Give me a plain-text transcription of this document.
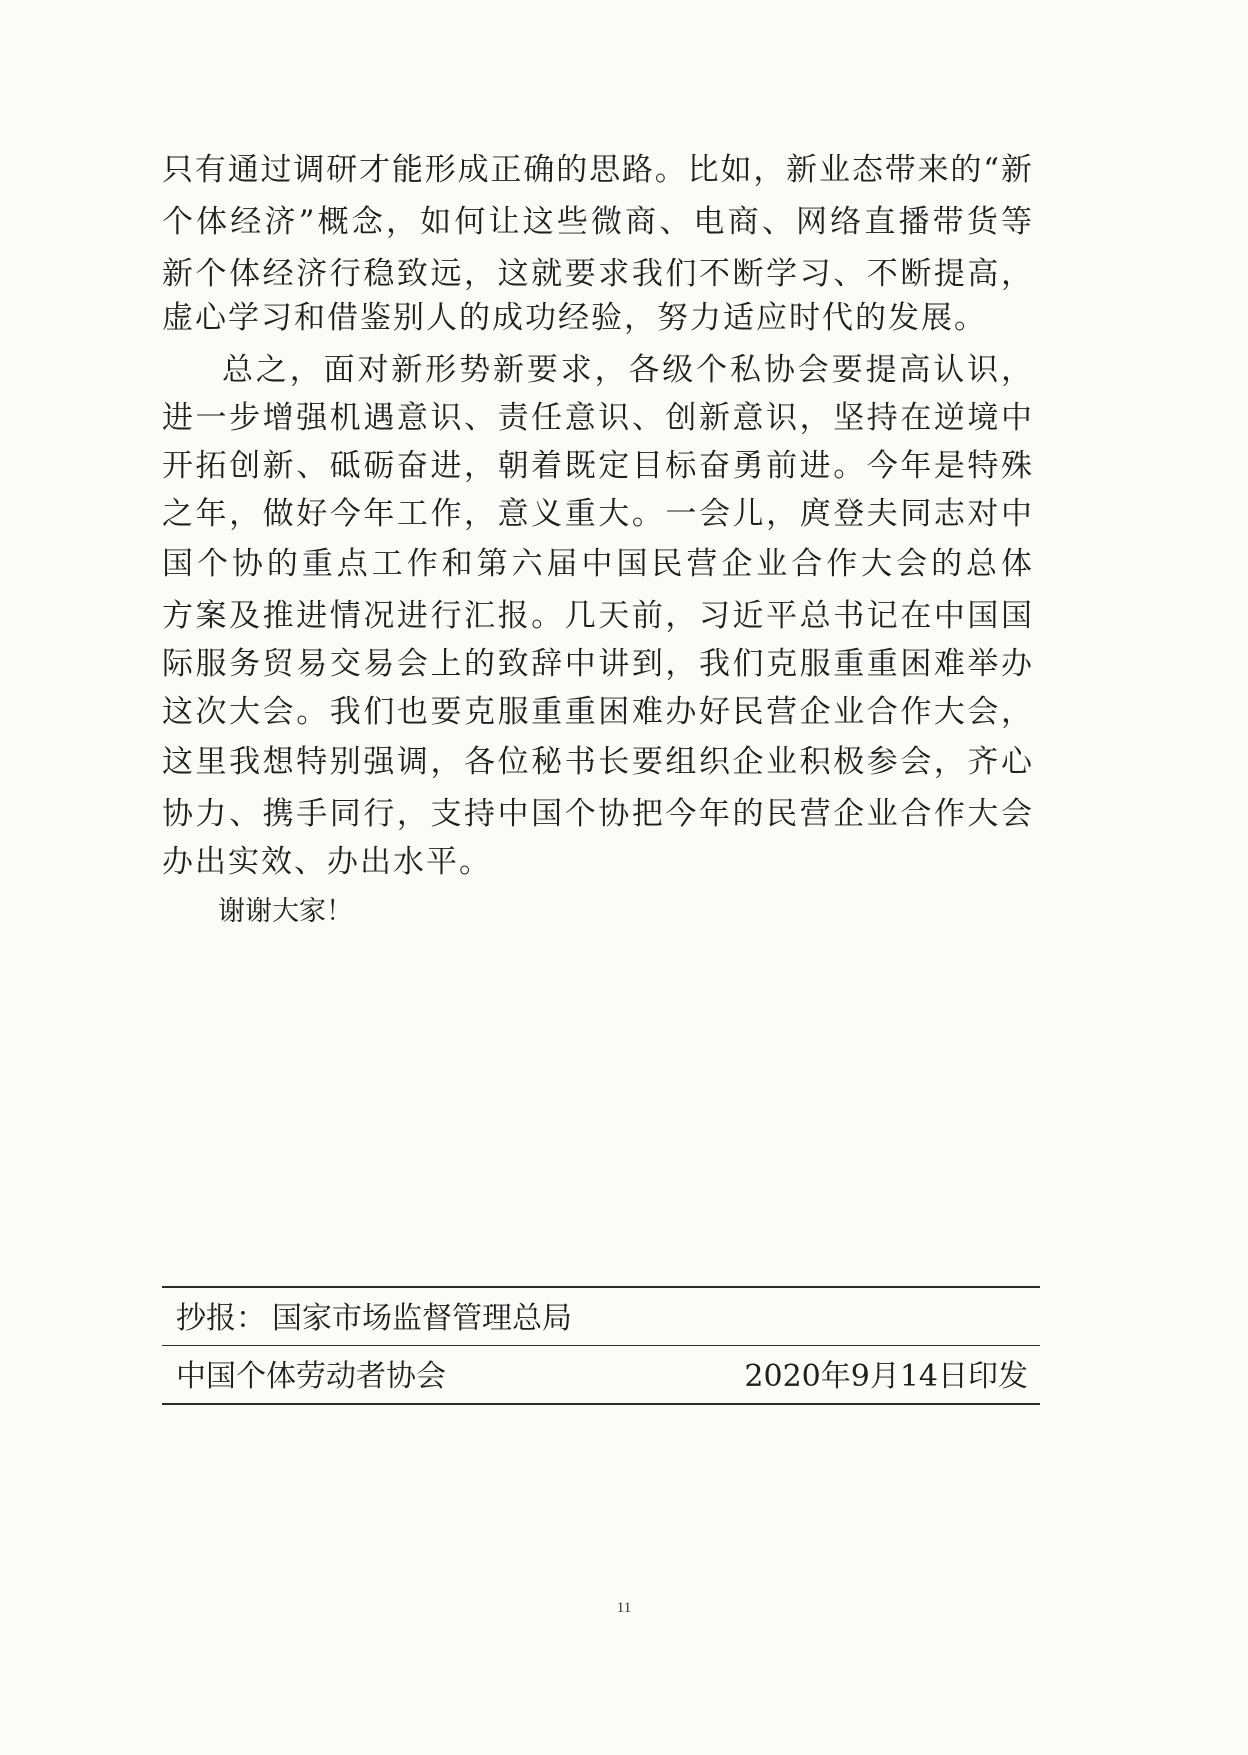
只有通过调研才能形成正确的思路。比如，新业态带来的“新
个体经济”概念，如何让这些微商、电商、网络直播带货等
新个体经济行稳致远，这就要求我们不断学习、不断提高，
虚心学习和借鉴别人的成功经验，努力适应时代的发展。
总之，面对新形势新要求，各级个私协会要提高认识，
进一步增强机遇意识、责任意识、创新意识，坚持在逆境中
开拓创新、砥砺奋进，朝着既定目标奋勇前进。今年是特殊
之年，做好今年工作，意义重大。一会儿，庹登夫同志对中
国个协的重点工作和第六届中国民营企业合作大会的总体
方案及推进情况进行汇报。几天前，习近平总书记在中国国
际服务贸易交易会上的致辞中讲到，我们克服重重困难举办
这次大会。我们也要克服重重困难办好民营企业合作大会，
这里我想特别强调，各位秘书长要组织企业积极参会，齐心
协力、携手同行，支持中国个协把今年的民营企业合作大会
办出实效、办出水平。
谢谢大家！
抄报： 国家市场监督管理总局
中国个体劳动者协会	2020年9月14日印发
11
